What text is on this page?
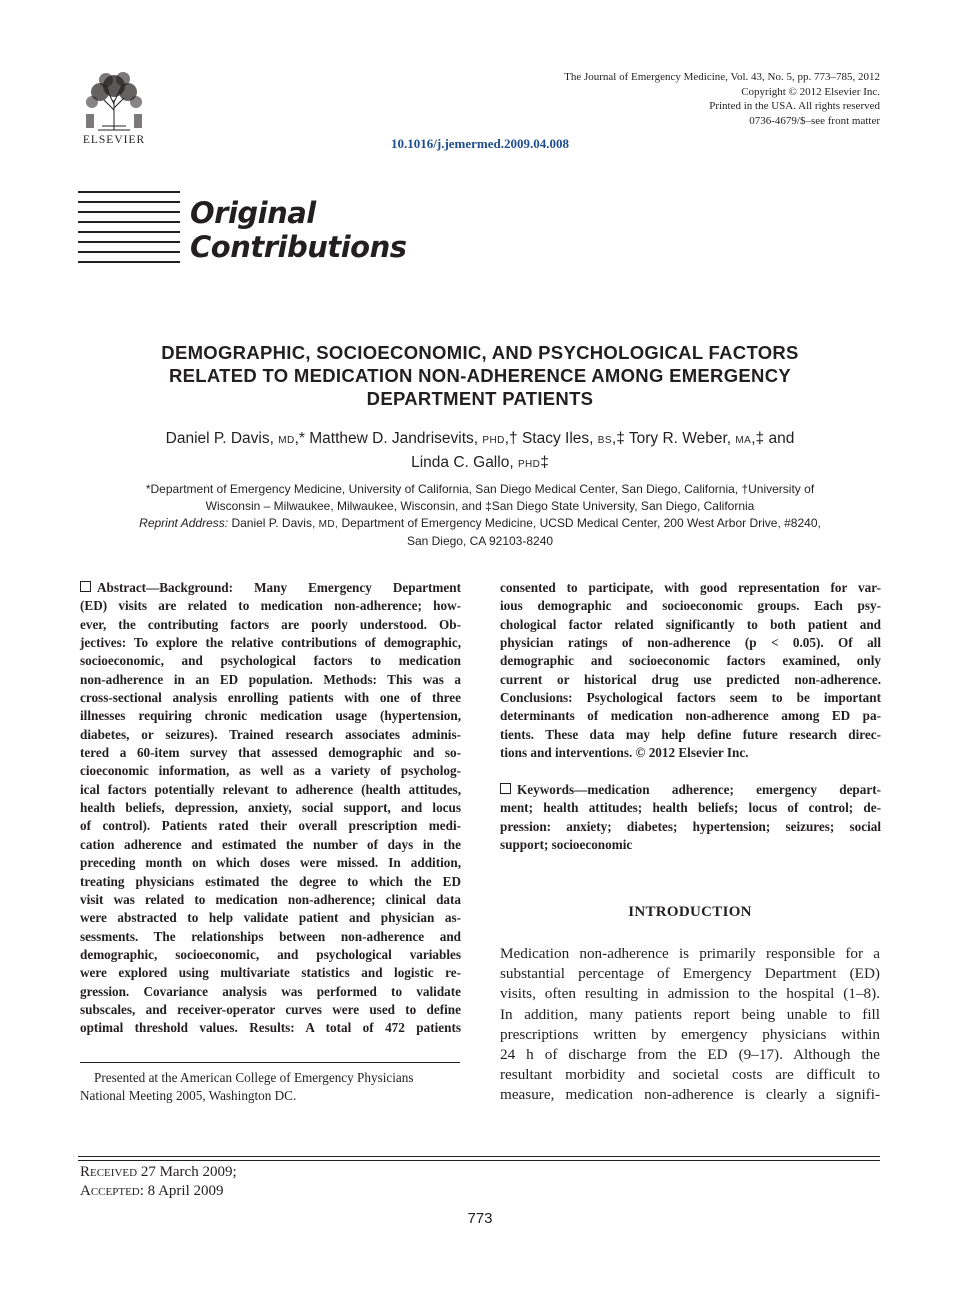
ELSEVIER
The Journal of Emergency Medicine, Vol. 43, No. 5, pp. 773–785, 2012
Copyright © 2012 Elsevier Inc.
Printed in the USA. All rights reserved
0736-4679/$–see front matter
10.1016/j.jemermed.2009.04.008
Original
Contributions
DEMOGRAPHIC, SOCIOECONOMIC, AND PSYCHOLOGICAL FACTORS
RELATED TO MEDICATION NON-ADHERENCE AMONG EMERGENCY
DEPARTMENT PATIENTS
Daniel P. Davis, MD,* Matthew D. Jandrisevits, PHD,† Stacy Iles, BS,‡ Tory R. Weber, MA,‡ and
Linda C. Gallo, PHD‡
*Department of Emergency Medicine, University of California, San Diego Medical Center, San Diego, California, †University of
Wisconsin – Milwaukee, Milwaukee, Wisconsin, and ‡San Diego State University, San Diego, California
Reprint Address: Daniel P. Davis, MD, Department of Emergency Medicine, UCSD Medical Center, 200 West Arbor Drive, #8240,
San Diego, CA 92103-8240
Abstract—Background: Many Emergency Department
(ED) visits are related to medication non-adherence; how-
ever, the contributing factors are poorly understood. Ob-
jectives: To explore the relative contributions of demographic,
socioeconomic, and psychological factors to medication
non-adherence in an ED population. Methods: This was a
cross-sectional analysis enrolling patients with one of three
illnesses requiring chronic medication usage (hypertension,
diabetes, or seizures). Trained research associates adminis-
tered a 60-item survey that assessed demographic and so-
cioeconomic information, as well as a variety of psycholog-
ical factors potentially relevant to adherence (health attitudes,
health beliefs, depression, anxiety, social support, and locus
of control). Patients rated their overall prescription medi-
cation adherence and estimated the number of days in the
preceding month on which doses were missed. In addition,
treating physicians estimated the degree to which the ED
visit was related to medication non-adherence; clinical data
were abstracted to help validate patient and physician as-
sessments. The relationships between non-adherence and
demographic, socioeconomic, and psychological variables
were explored using multivariate statistics and logistic re-
gression. Covariance analysis was performed to validate
subscales, and receiver-operator curves were used to define
optimal threshold values. Results: A total of 472 patients
consented to participate, with good representation for var-
ious demographic and socioeconomic groups. Each psy-
chological factor related significantly to both patient and
physician ratings of non-adherence (p < 0.05). Of all
demographic and socioeconomic factors examined, only
current or historical drug use predicted non-adherence.
Conclusions: Psychological factors seem to be important
determinants of medication non-adherence among ED pa-
tients. These data may help define future research direc-
tions and interventions. © 2012 Elsevier Inc.
Keywords—medication adherence; emergency depart-
ment; health attitudes; health beliefs; locus of control; de-
pression: anxiety; diabetes; hypertension; seizures; social
support; socioeconomic
Presented at the American College of Emergency Physicians
National Meeting 2005, Washington DC.
INTRODUCTION
Medication non-adherence is primarily responsible for a
substantial percentage of Emergency Department (ED)
visits, often resulting in admission to the hospital (1–8).
In addition, many patients report being unable to fill
prescriptions written by emergency physicians within
24 h of discharge from the ED (9–17). Although the
resultant morbidity and societal costs are difficult to
measure, medication non-adherence is clearly a signifi-
Received 27 March 2009;
Accepted: 8 April 2009
773
